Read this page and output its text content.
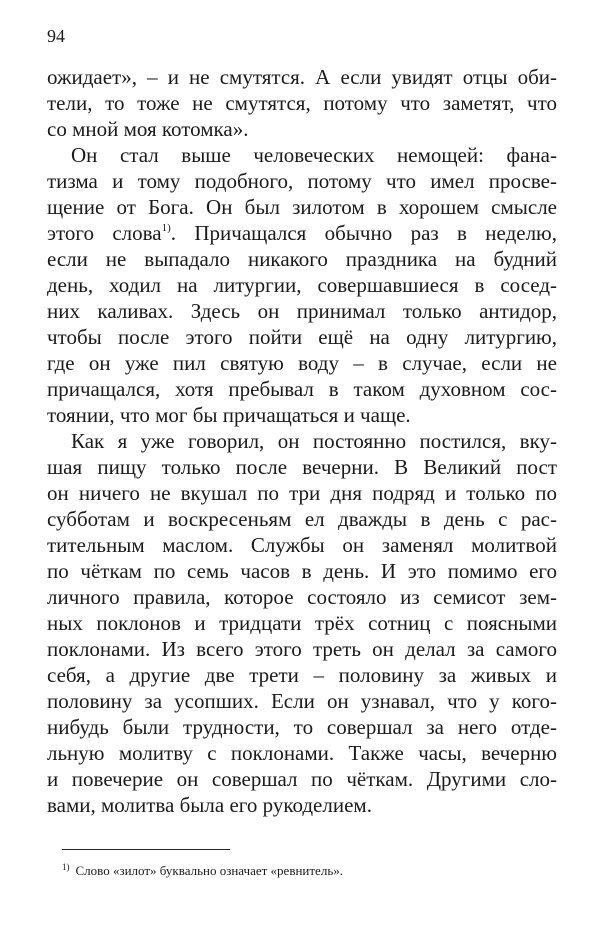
94
ожидает», – и не смутятся. А если увидят отцы оби-
тели, то тоже не смутятся, потому что заметят, что
со мной моя котомка».
Он стал выше человеческих немощей: фана-
тизма и тому подобного, потому что имел просве-
щение от Бога. Он был зилотом в хорошем смысле
этого слова$^{1)}$. Причащался обычно раз в неделю,
если не выпадало никакого праздника на будний
день, ходил на литургии, совершавшиеся в сосед-
них каливах. Здесь он принимал только антидор,
чтобы после этого пойти ещё на одну литургию,
где он уже пил святую воду – в случае, если не
причащался, хотя пребывал в таком духовном сос-
тоянии, что мог бы причащаться и чаще.
Как я уже говорил, он постоянно постился, вку-
шая пищу только после вечерни. В Великий пост
он ничего не вкушал по три дня подряд и только по
субботам и воскресеньям ел дважды в день с рас-
тительным маслом. Службы он заменял молитвой
по чёткам по семь часов в день. И это помимо его
личного правила, которое состояло из семисот зем-
ных поклонов и тридцати трёх сотниц с поясными
поклонами. Из всего этого треть он делал за самого
себя, а другие две трети – половину за живых и
половину за усопших. Если он узнавал, что у кого-
нибудь были трудности, то совершал за него отде-
льную молитву с поклонами. Также часы, вечерню
и повечерие он совершал по чёткам. Другими сло-
вами, молитва была его рукоделием.
$^{1)}$ Слово «зилот» буквально означает «ревнитель».
